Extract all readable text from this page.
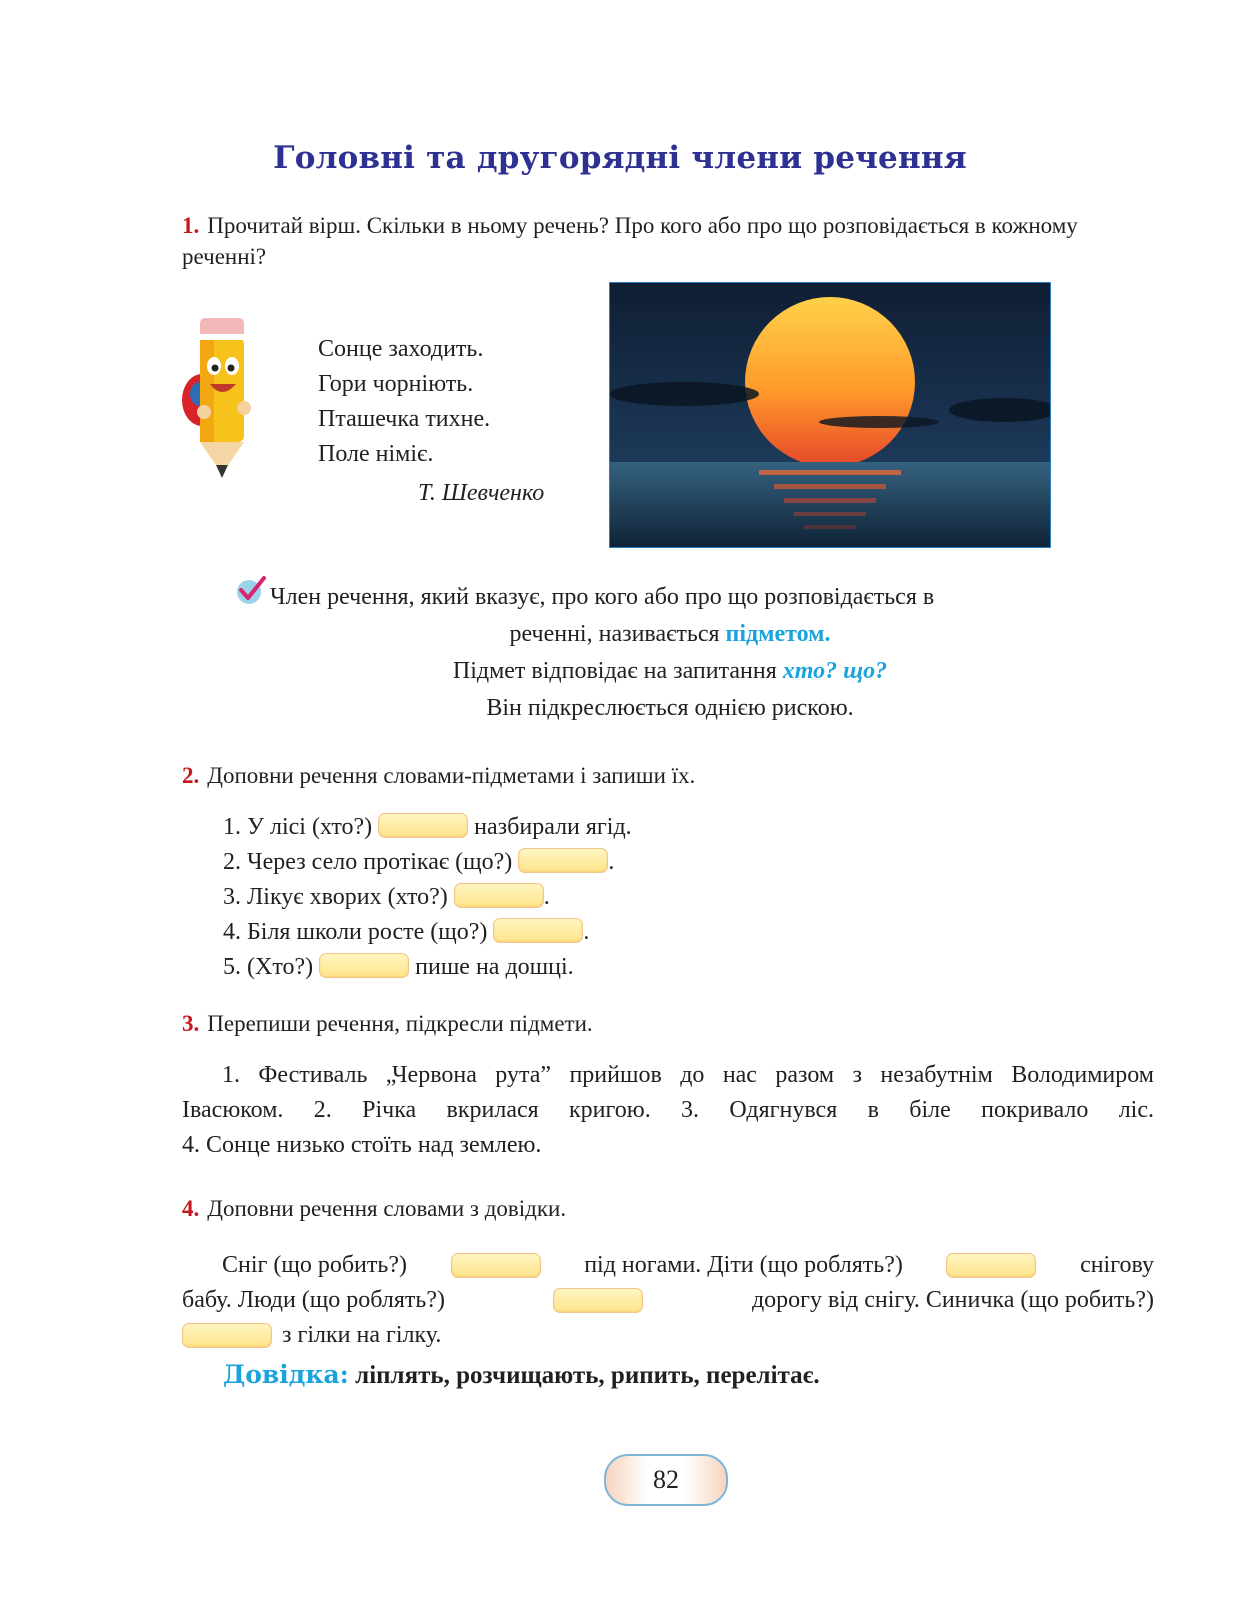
Головні та другорядні члени речення
1. Прочитай вірш. Скільки в ньому речень? Про кого або про що розповідається в кожному реченні?
Сонце заходить.
Гори чорніють.
Пташечка тихне.
Поле німіє.
Т. Шевченко
Член речення, який вказує, про кого або про що розповідається в
реченні, називається підметом.
Підмет відповідає на запитання хто? що?
Він підкреслюється однією рискою.
2. Доповни речення словами-підметами і запиши їх.
1. У лісі (хто?)	назбирали ягід.
2. Через село протікає (що?)	.
3. Лікує хворих (хто?)	.
4. Біля школи росте (що?)	.
5. (Хто?)	пише на дошці.
3. Перепиши речення, підкресли підмети.
1. Фестиваль „Червона рута” прийшов до нас разом з незабутнім Володимиром
Івасюком. 2. Річка вкрилася кригою. 3. Одягнувся в біле покривало ліс.
4. Сонце низько стоїть над землею.
4. Доповни речення словами з довідки.
Сніг (що робить?)	під ногами. Діти (що роблять?)	снігову
бабу. Люди (що роблять?)	дорогу від снігу. Синичка (що робить?)
з гілки на гілку.
Довідка: ліплять, розчищають, рипить, перелітає.
82
